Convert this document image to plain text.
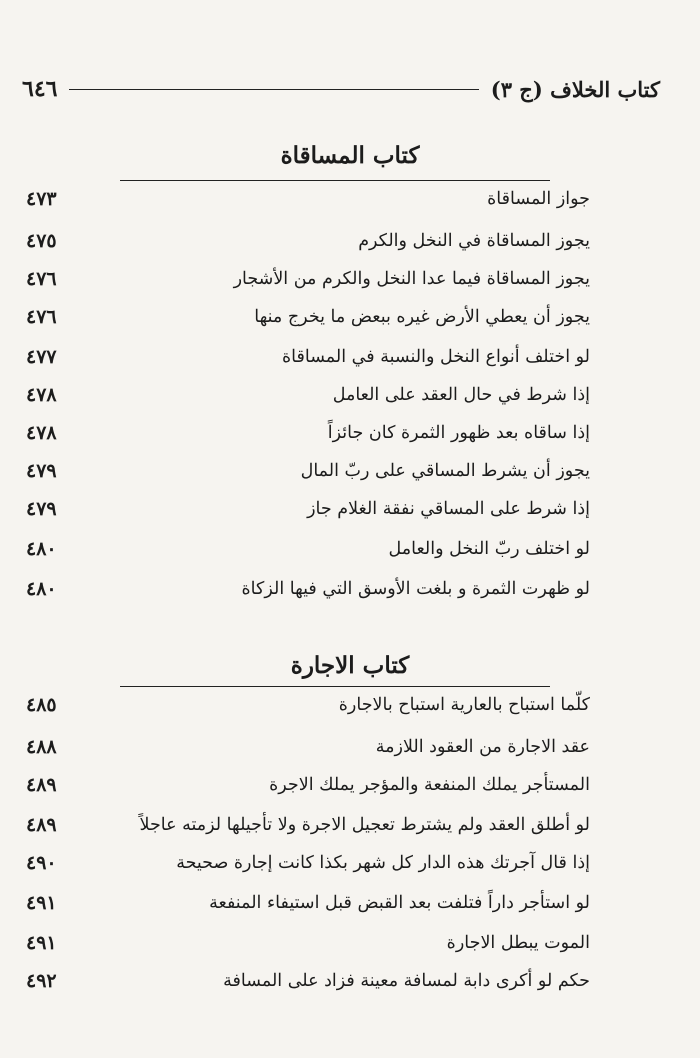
كتاب الخلاف (ج ٣)
٦٤٦
كتاب المساقاة
جواز المساقاة
٤٧٣
يجوز المساقاة في النخل والكرم
٤٧٥
يجوز المساقاة فيما عدا النخل والكرم من الأشجار
٤٧٦
يجوز أن يعطي الأرض غيره ببعض ما يخرج منها
٤٧٦
لو اختلف أنواع النخل والنسبة في المساقاة
٤٧٧
إذا شرط في حال العقد على العامل
٤٧٨
إذا ساقاه بعد ظهور الثمرة كان جائزاً
٤٧٨
يجوز أن يشرط المساقي على ربّ المال
٤٧٩
إذا شرط على المساقي نفقة الغلام جاز
٤٧٩
لو اختلف ربّ النخل والعامل
٤٨٠
لو ظهرت الثمرة و بلغت الأوسق التي فيها الزكاة
٤٨٠
كتاب الاجارة
كلّما استباح بالعارية استباح بالاجارة
٤٨٥
عقد الاجارة من العقود اللازمة
٤٨٨
المستأجر يملك المنفعة والمؤجر يملك الاجرة
٤٨٩
لو أطلق العقد ولم يشترط تعجيل الاجرة ولا تأجيلها لزمته عاجلاً
٤٨٩
إذا قال آجرتك هذه الدار كل شهر بكذا كانت إجارة صحيحة
٤٩٠
لو استأجر داراً فتلفت بعد القبض قبل استيفاء المنفعة
٤٩١
الموت يبطل الاجارة
٤٩١
حكم لو أكرى دابة لمسافة معينة فزاد على المسافة
٤٩٢
